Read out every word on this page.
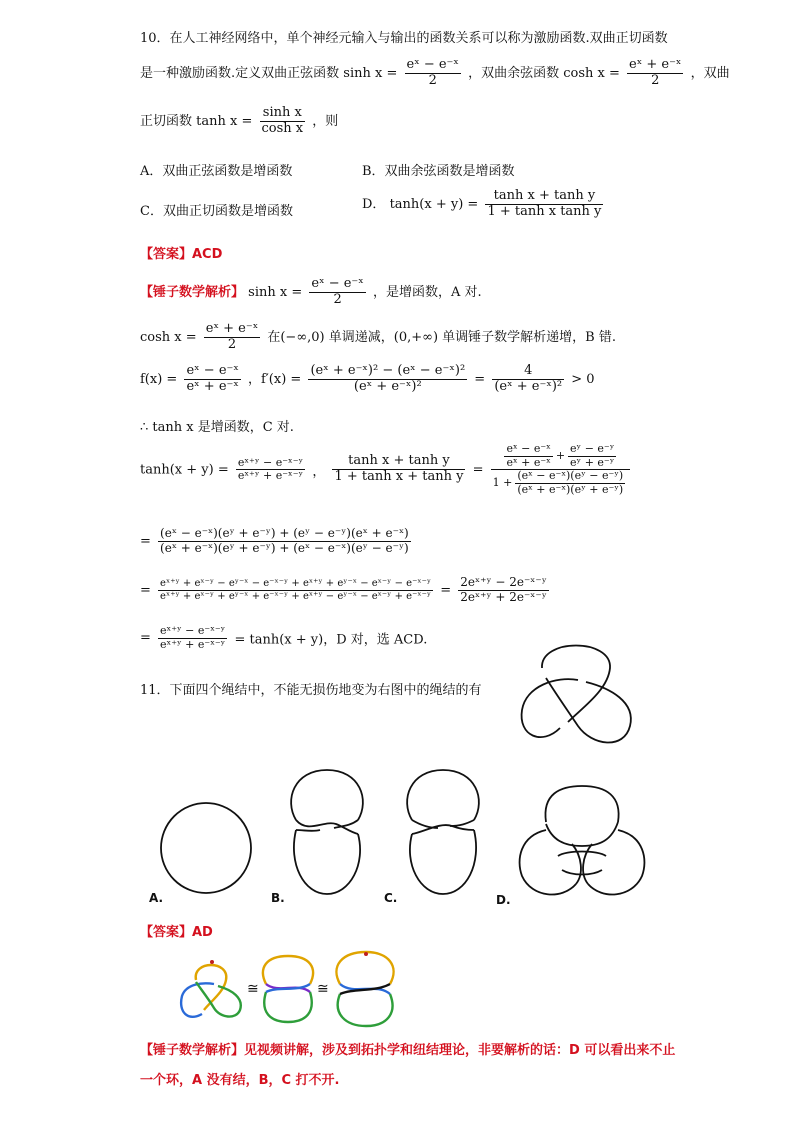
10．在人工神经网络中，单个神经元输入与输出的函数关系可以称为激励函数.双曲正切函数
是一种激励函数.定义双曲正弦函数 $\sinh x = \frac{\text{eˣ − e⁻ˣ}}{2}$ ，双曲余弦函数 $\cosh x = \frac{\text{eˣ + e⁻ˣ}}{2}$ ，双曲
正切函数 $\tanh x = \frac{\text{sinh x}}{\text{cosh x}}$ ，则
A．双曲正弦函数是增函数	B．双曲余弦函数是增函数
C．双曲正切函数是增函数	D． $\tanh(x + y) = \frac{\text{tanh x + tanh y}}{\text{1 + tanh x tanh y}}$
【答案】ACD
【锤子数学解析】 $\sinh x = \frac{\text{eˣ − e⁻ˣ}}{2}$ ，是增函数，A 对.
$\cosh x = \frac{\text{eˣ + e⁻ˣ}}{2}$ 在(−∞,0) 单调递减，(0,+∞) 单调锤子数学解析递增，B 错.
$f(x) = \frac{\text{eˣ − e⁻ˣ}}{\text{eˣ + e⁻ˣ}}$ ，$f'(x) = \frac{\text{(eˣ + e⁻ˣ)² − (eˣ − e⁻ˣ)²}}{\text{(eˣ + e⁻ˣ)²}} = \frac{4}{\text{(eˣ + e⁻ˣ)²}} > 0$
∴ tanh x 是增函数，C 对.
$\tanh(x + y) = \frac{\text{eˣ⁺ʸ − e⁻ˣ⁻ʸ}}{\text{eˣ⁺ʸ + e⁻ˣ⁻ʸ}}$ ， $\frac{\text{tanh x + tanh y}}{\text{1 + tanh x + tanh y}} = \frac{\frac{\text{eˣ − e⁻ˣ}}{\text{eˣ + e⁻ˣ}} + \frac{\text{eʸ − e⁻ʸ}}{\text{eʸ + e⁻ʸ}}}{1 + \frac{\text{(eˣ − e⁻ˣ)(eʸ − e⁻ʸ)}}{\text{(eˣ + e⁻ˣ)(eʸ + e⁻ʸ)}}}$
= $\frac{\text{(eˣ − e⁻ˣ)(eʸ + e⁻ʸ) + (eʸ − e⁻ʸ)(eˣ + e⁻ˣ)}}{\text{(eˣ + e⁻ˣ)(eʸ + e⁻ʸ) + (eˣ − e⁻ˣ)(eʸ − e⁻ʸ)}}$
= $\frac{\text{eˣ⁺ʸ + eˣ⁻ʸ − eʸ⁻ˣ − e⁻ˣ⁻ʸ + eˣ⁺ʸ + eʸ⁻ˣ − eˣ⁻ʸ − e⁻ˣ⁻ʸ}}{\text{eˣ⁺ʸ + eˣ⁻ʸ + eʸ⁻ˣ + e⁻ˣ⁻ʸ + eˣ⁺ʸ − eʸ⁻ˣ − eˣ⁻ʸ + e⁻ˣ⁻ʸ}} = \frac{\text{2eˣ⁺ʸ − 2e⁻ˣ⁻ʸ}}{\text{2eˣ⁺ʸ + 2e⁻ˣ⁻ʸ}}$
= $\frac{\text{eˣ⁺ʸ − e⁻ˣ⁻ʸ}}{\text{eˣ⁺ʸ + e⁻ˣ⁻ʸ}} = \tanh(x + y)$，D 对，选 ACD.
11．下面四个绳结中，不能无损伤地变为右图中的绳结的有
A.	B.	C.	D.
【答案】AD
≅	≅
【锤子数学解析】见视频讲解，涉及到拓扑学和纽结理论，非要解析的话：D 可以看出来不止
一个环，A 没有结，B，C 打不开.
